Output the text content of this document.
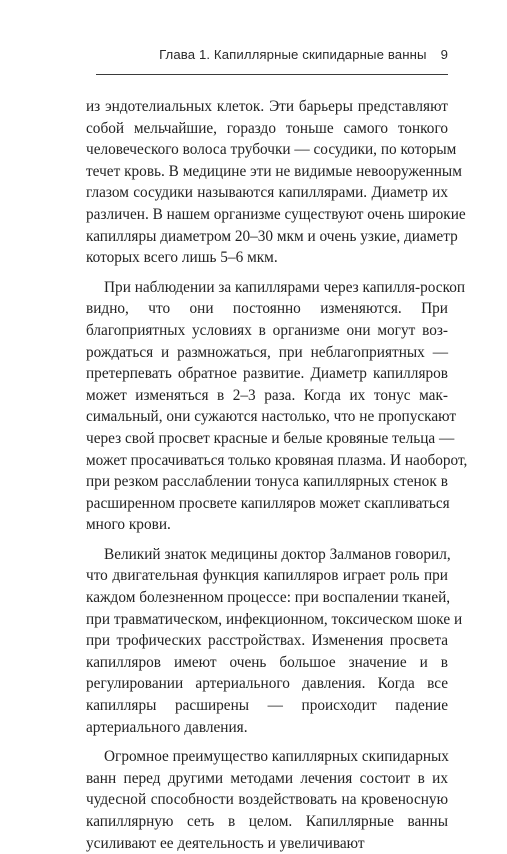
Глава 1. Капиллярные скипидарные ванны 9

из эндотелиальных клеток. Эти барьеры представляют
собой мельчайшие, гораздо тоньше самого тонкого
человеческого волоса трубочки — сосудики, по которым
течет кровь. В медицине эти не видимые невооруженным
глазом сосудики называются капиллярами. Диаметр их
различен. В нашем организме существуют очень широкие
капилляры диаметром 20–30 мкм и очень узкие, диаметр
которых всего лишь 5–6 мкм.

При наблюдении за капиллярами через капилля-роскоп
видно, что они постоянно изменяются. При
благоприятных условиях в организме они могут воз-
рождаться и размножаться, при неблагоприятных —
претерпевать обратное развитие. Диаметр капилляров
может изменяться в 2–3 раза. Когда их тонус мак-
симальный, они сужаются настолько, что не пропускают
через свой просвет красные и белые кровяные тельца —
может просачиваться только кровяная плазма. И наоборот,
при резком расслаблении тонуса капиллярных стенок в
расширенном просвете капилляров может скапливаться
много крови.

Великий знаток медицины доктор Залманов говорил,
что двигательная функция капилляров играет роль при
каждом болезненном процессе: при воспалении тканей,
при травматическом, инфекционном, токсическом шоке и
при трофических расстройствах. Изменения просвета
капилляров имеют очень большое значение и в
регулировании артериального давления. Когда все
капилляры расширены — происходит падение
артериального давления.

Огромное преимущество капиллярных скипидарных
ванн перед другими методами лечения состоит в их
чудесной способности воздействовать на кровеносную
капиллярную сеть в целом. Капиллярные ванны
усиливают ее деятельность и увеличивают
